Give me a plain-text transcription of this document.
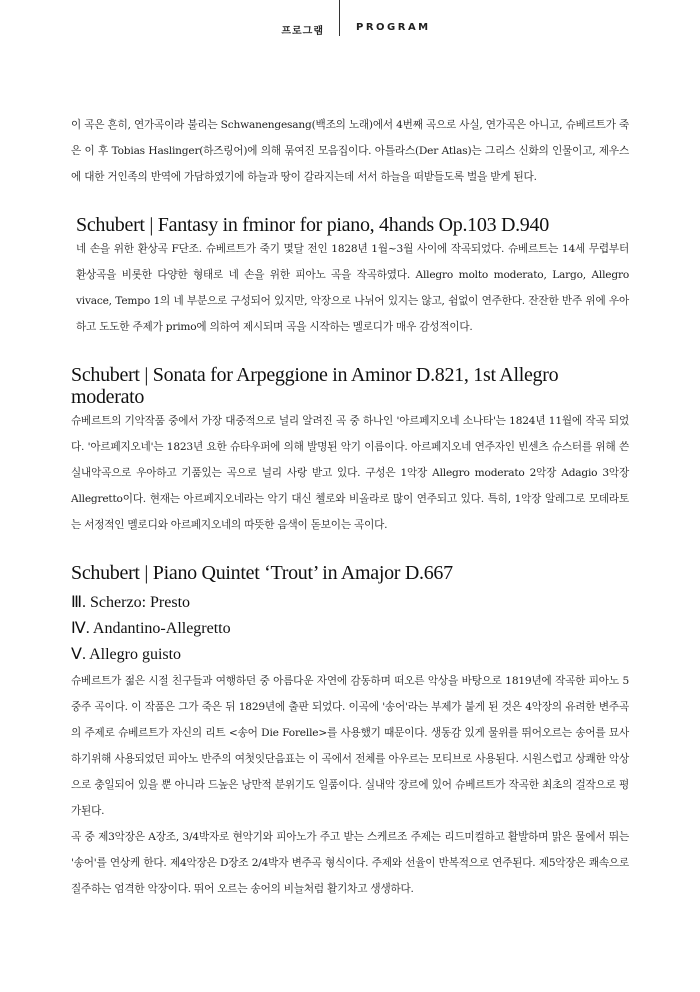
프로그램	PROGRAM

이 곡은 흔히, 연가곡이라 불리는 Schwanengesang(백조의 노래)에서 4번째 곡으로 사실, 연가곡은 아니고, 슈베르트가 죽은 이 후 Tobias Haslinger(하즈링어)에 의해 묶여진 모음집이다. 아틀라스(Der Atlas)는 그리스 신화의 인물이고, 제우스에 대한 거인족의 반역에 가담하였기에 하늘과 땅이 갈라지는데 서서 하늘을 떠받들도록 벌을 받게 된다.

Schubert | Fantasy in fminor for piano, 4hands Op.103 D.940

네 손을 위한 환상곡 F단조. 슈베르트가 죽기 몇달 전인 1828년 1월~3월 사이에 작곡되었다. 슈베르트는 14세 무렵부터 환상곡을 비롯한 다양한 형태로 네 손을 위한 피아노 곡을 작곡하였다. Allegro molto moderato, Largo, Allegro vivace, Tempo 1의 네 부분으로 구성되어 있지만, 악장으로 나뉘어 있지는 않고, 쉼없이 연주한다. 잔잔한 반주 위에 우아하고 도도한 주제가 primo에 의하여 제시되며 곡을 시작하는 멜로디가 매우 감성적이다.

Schubert | Sonata for Arpeggione in Aminor D.821, 1st Allegro moderato

슈베르트의 기악작품 중에서 가장 대중적으로 널리 알려진 곡 중 하나인 '아르페지오네 소나타'는 1824년 11월에 작곡 되었다. '아르페지오네'는 1823년 요한 슈타우퍼에 의해 발명된 악기 이름이다. 아르페지오네 연주자인 빈센츠 슈스터를 위해 쓴 실내악곡으로 우아하고 기품있는 곡으로 널리 사랑 받고 있다. 구성은 1악장 Allegro moderato 2악장 Adagio 3악장 Allegretto이다. 현재는 아르페지오네라는 악기 대신 첼로와 비올라로 많이 연주되고 있다. 특히, 1악장 알레그로 모데라토는 서정적인 멜로디와 아르페지오네의 따뜻한 음색이 돋보이는 곡이다.

Schubert | Piano Quintet ‘Trout’ in Amajor D.667
Ⅲ. Scherzo: Presto
Ⅳ. Andantino-Allegretto
Ⅴ. Allegro guisto

슈베르트가 젊은 시절 친구들과 여행하던 중 아름다운 자연에 감동하며 떠오른 악상을 바탕으로 1819년에 작곡한 피아노 5중주 곡이다. 이 작품은 그가 죽은 뒤 1829년에 출판 되었다. 이곡에 '송어'라는 부제가 붙게 된 것은 4악장의 유려한 변주곡의 주제로 슈베르트가 자신의 리트 <송어 Die Forelle>를 사용했기 때문이다. 생동감 있게 물위를 뛰어오르는 송어를 묘사하기위해 사용되었던 피아노 반주의 여첫잇단음표는 이 곡에서 전체를 아우르는 모티브로 사용된다. 시원스럽고 상쾌한 악상으로 충일되어 있을 뿐 아니라 드높은 낭만적 분위기도 일품이다. 실내악 장르에 있어 슈베르트가 작곡한 최초의 걸작으로 평가된다.

곡 중 제3악장은 A장조, 3/4박자로 현악기와 피아노가 주고 받는 스케르조 주제는 리드미컬하고 활발하며 맑은 물에서 뛰는 '송어'를 연상케 한다. 제4악장은 D장조 2/4박자 변주곡 형식이다. 주제와 선율이 반복적으로 연주된다. 제5악장은 쾌속으로 질주하는 엄격한 악장이다. 뛰어 오르는 송어의 비늘처럼 활기차고 생생하다.
